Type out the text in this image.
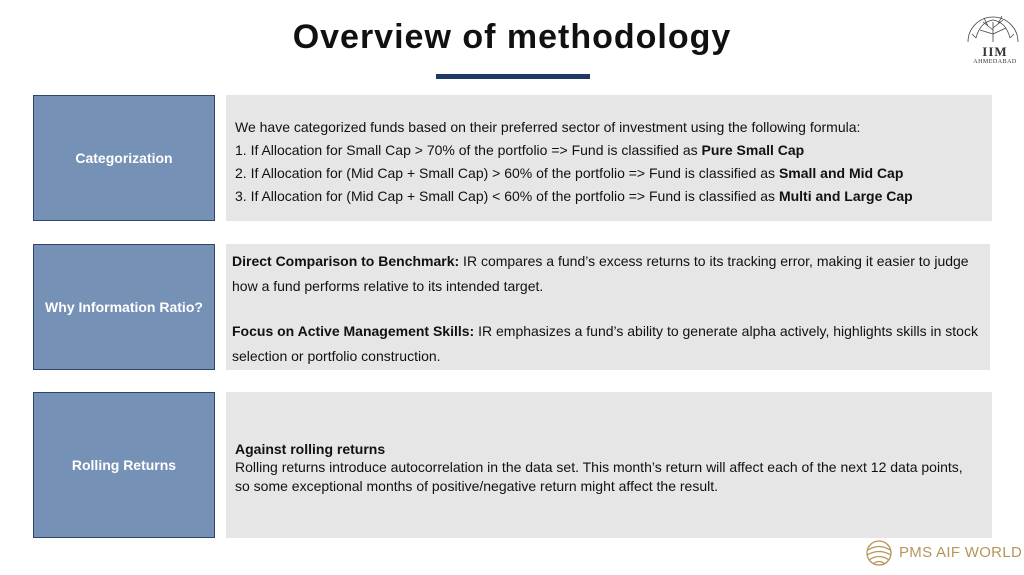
Overview of methodology	IIM
AHMEDABAD
Categorization
We have categorized funds based on their preferred sector of investment using the following formula:
1. If Allocation for Small Cap > 70% of the portfolio => Fund is classified as Pure Small Cap
2. If Allocation for (Mid Cap + Small Cap) > 60% of the portfolio => Fund is classified as Small and Mid Cap
3. If Allocation for (Mid Cap + Small Cap) < 60% of the portfolio => Fund is classified as Multi and Large Cap
Why Information Ratio?
Direct Comparison to Benchmark: IR compares a fund’s excess returns to its tracking error, making it easier to judge how a fund performs relative to its intended target.
Focus on Active Management Skills: IR emphasizes a fund’s ability to generate alpha actively, highlights skills in stock selection or portfolio construction.
Rolling Returns
Against rolling returns
Rolling returns introduce autocorrelation in the data set. This month’s return will affect each of the next 12 data points, so some exceptional months of positive/negative return might affect the result.
PMS AIF WORLD
